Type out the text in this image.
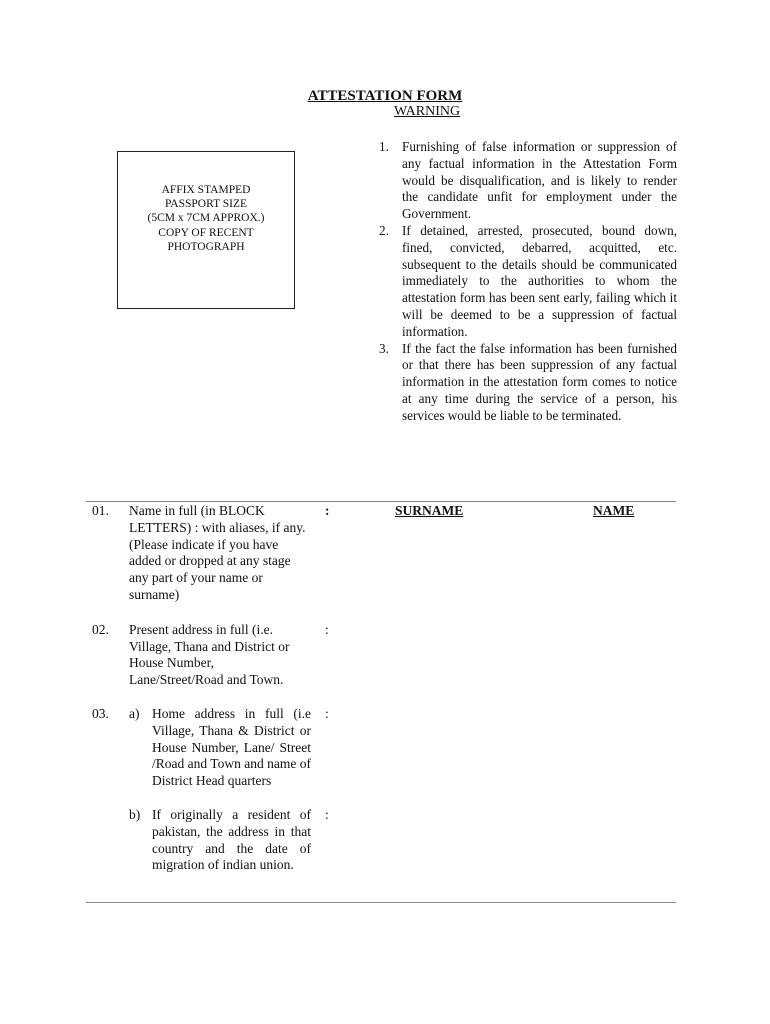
ATTESTATION FORM
WARNING
AFFIX STAMPED
PASSPORT SIZE
(5CM x 7CM APPROX.)
COPY OF RECENT
PHOTOGRAPH
1. Furnishing of false information or suppression of any factual information in the Attestation Form would be disqualification, and is likely to render the candidate unfit for employment under the Government.
2. If detained, arrested, prosecuted, bound down, fined, convicted, debarred, acquitted, etc. subsequent to the details should be communicated immediately to the authorities to whom the attestation form has been sent early, failing which it will be deemed to be a suppression of factual information.
3. If the fact the false information has been furnished or that there has been suppression of any factual information in the attestation form comes to notice at any time during the service of a person, his services would be liable to be terminated.
01. Name in full (in BLOCK LETTERS) : with aliases, if any.(Please indicate if you have added or dropped at any stage any part of your name or surname)
:	SURNAME	NAME
02. Present address in full (i.e. Village, Thana and District or House Number, Lane/Street/Road and Town.
:
03. a) Home address in full (i.e Village, Thana & District or House Number, Lane/ Street /Road and Town and name of District Head quarters
:
b) If originally a resident of pakistan, the address in that country and the date of migration of indian union.
:
